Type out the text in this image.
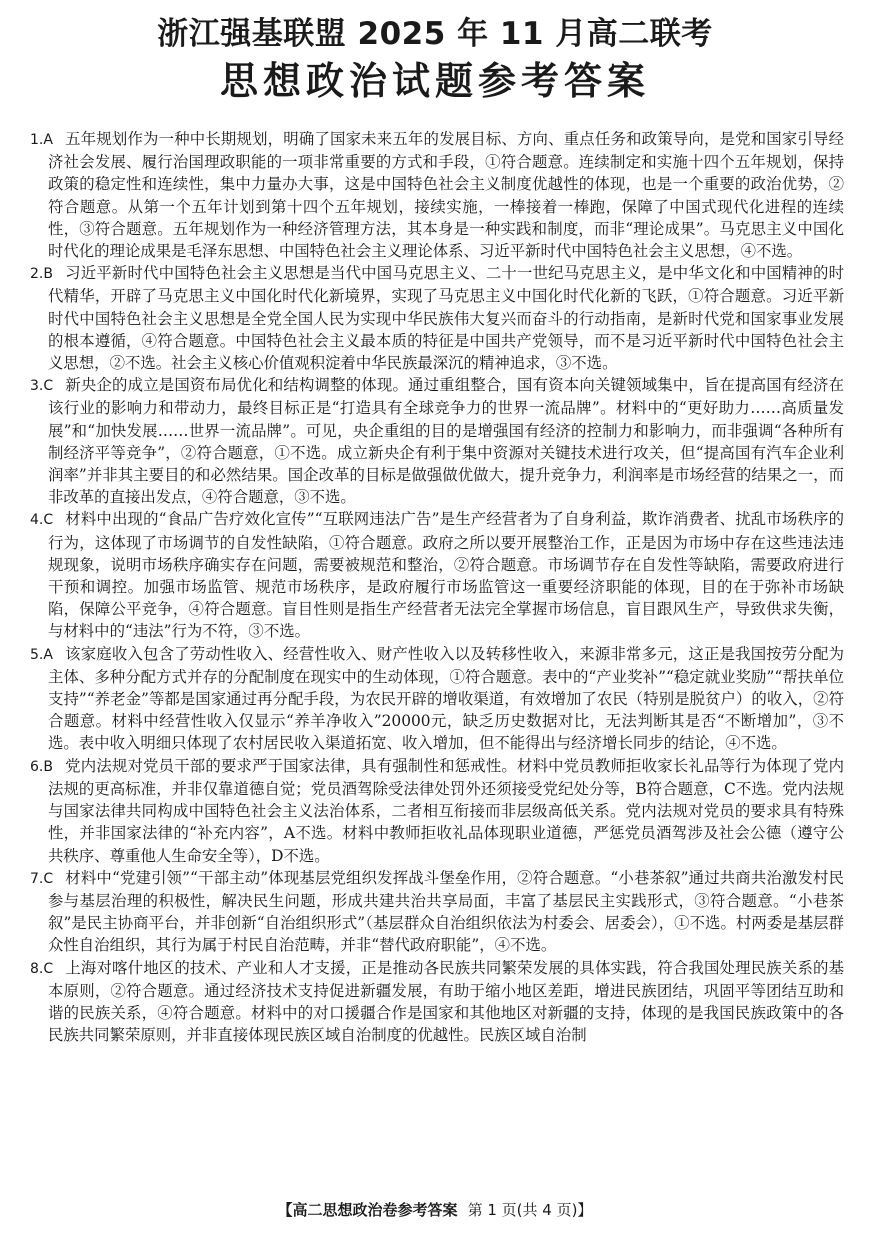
浙江强基联盟 2025 年 11 月高二联考
思想政治试题参考答案

1.A 五年规划作为一种中长期规划，明确了国家未来五年的发展目标、方向、重点任务和政策导向，是党和国家引导经济社会发展、履行治国理政职能的一项非常重要的方式和手段，①符合题意。连续制定和实施十四个五年规划，保持政策的稳定性和连续性，集中力量办大事，这是中国特色社会主义制度优越性的体现，也是一个重要的政治优势，②符合题意。从第一个五年计划到第十四个五年规划，接续实施，一棒接着一棒跑，保障了中国式现代化进程的连续性，③符合题意。五年规划作为一种经济管理方法，其本身是一种实践和制度，而非“理论成果”。马克思主义中国化时代化的理论成果是毛泽东思想、中国特色社会主义理论体系、习近平新时代中国特色社会主义思想，④不选。

2.B 习近平新时代中国特色社会主义思想是当代中国马克思主义、二十一世纪马克思主义，是中华文化和中国精神的时代精华，开辟了马克思主义中国化时代化新境界，实现了马克思主义中国化时代化新的飞跃，①符合题意。习近平新时代中国特色社会主义思想是全党全国人民为实现中华民族伟大复兴而奋斗的行动指南，是新时代党和国家事业发展的根本遵循，④符合题意。中国特色社会主义最本质的特征是中国共产党领导，而不是习近平新时代中国特色社会主义思想，②不选。社会主义核心价值观积淀着中华民族最深沉的精神追求，③不选。

3.C 新央企的成立是国资布局优化和结构调整的体现。通过重组整合，国有资本向关键领域集中，旨在提高国有经济在该行业的影响力和带动力，最终目标正是“打造具有全球竞争力的世界一流品牌”。材料中的“更好助力……高质量发展”和“加快发展……世界一流品牌”。可见，央企重组的目的是增强国有经济的控制力和影响力，而非强调“各种所有制经济平等竞争”，②符合题意，①不选。成立新央企有利于集中资源对关键技术进行攻关，但“提高国有汽车企业利润率”并非其主要目的和必然结果。国企改革的目标是做强做优做大，提升竞争力，利润率是市场经营的结果之一，而非改革的直接出发点，④符合题意，③不选。

4.C 材料中出现的“食品广告疗效化宣传”“互联网违法广告”是生产经营者为了自身利益，欺诈消费者、扰乱市场秩序的行为，这体现了市场调节的自发性缺陷，①符合题意。政府之所以要开展整治工作，正是因为市场中存在这些违法违规现象，说明市场秩序确实存在问题，需要被规范和整治，②符合题意。市场调节存在自发性等缺陷，需要政府进行干预和调控。加强市场监管、规范市场秩序，是政府履行市场监管这一重要经济职能的体现，目的在于弥补市场缺陷，保障公平竞争，④符合题意。盲目性则是指生产经营者无法完全掌握市场信息，盲目跟风生产，导致供求失衡，与材料中的“违法”行为不符，③不选。

5.A 该家庭收入包含了劳动性收入、经营性收入、财产性收入以及转移性收入，来源非常多元，这正是我国按劳分配为主体、多种分配方式并存的分配制度在现实中的生动体现，①符合题意。表中的“产业奖补”“稳定就业奖励”“帮扶单位支持”“养老金”等都是国家通过再分配手段，为农民开辟的增收渠道，有效增加了农民（特别是脱贫户）的收入，②符合题意。材料中经营性收入仅显示“养羊净收入”20000元，缺乏历史数据对比，无法判断其是否“不断增加”，③不选。表中收入明细只体现了农村居民收入渠道拓宽、收入增加，但不能得出与经济增长同步的结论，④不选。

6.B 党内法规对党员干部的要求严于国家法律，具有强制性和惩戒性。材料中党员教师拒收家长礼品等行为体现了党内法规的更高标准，并非仅靠道德自觉；党员酒驾除受法律处罚外还须接受党纪处分等，B符合题意，C不选。党内法规与国家法律共同构成中国特色社会主义法治体系，二者相互衔接而非层级高低关系。党内法规对党员的要求具有特殊性，并非国家法律的“补充内容”，A不选。材料中教师拒收礼品体现职业道德，严惩党员酒驾涉及社会公德（遵守公共秩序、尊重他人生命安全等），D不选。

7.C 材料中“党建引领”“干部主动”体现基层党组织发挥战斗堡垒作用，②符合题意。“小巷茶叙”通过共商共治激发村民参与基层治理的积极性，解决民生问题，形成共建共治共享局面，丰富了基层民主实践形式，③符合题意。“小巷茶叙”是民主协商平台，并非创新“自治组织形式”（基层群众自治组织依法为村委会、居委会），①不选。村两委是基层群众性自治组织，其行为属于村民自治范畴，并非“替代政府职能”，④不选。

8.C 上海对喀什地区的技术、产业和人才支援，正是推动各民族共同繁荣发展的具体实践，符合我国处理民族关系的基本原则，②符合题意。通过经济技术支持促进新疆发展，有助于缩小地区差距，增进民族团结，巩固平等团结互助和谐的民族关系，④符合题意。材料中的对口援疆合作是国家和其他地区对新疆的支持，体现的是我国民族政策中的各民族共同繁荣原则，并非直接体现民族区域自治制度的优越性。民族区域自治制

【高二思想政治卷参考答案 第 1 页(共 4 页)】
